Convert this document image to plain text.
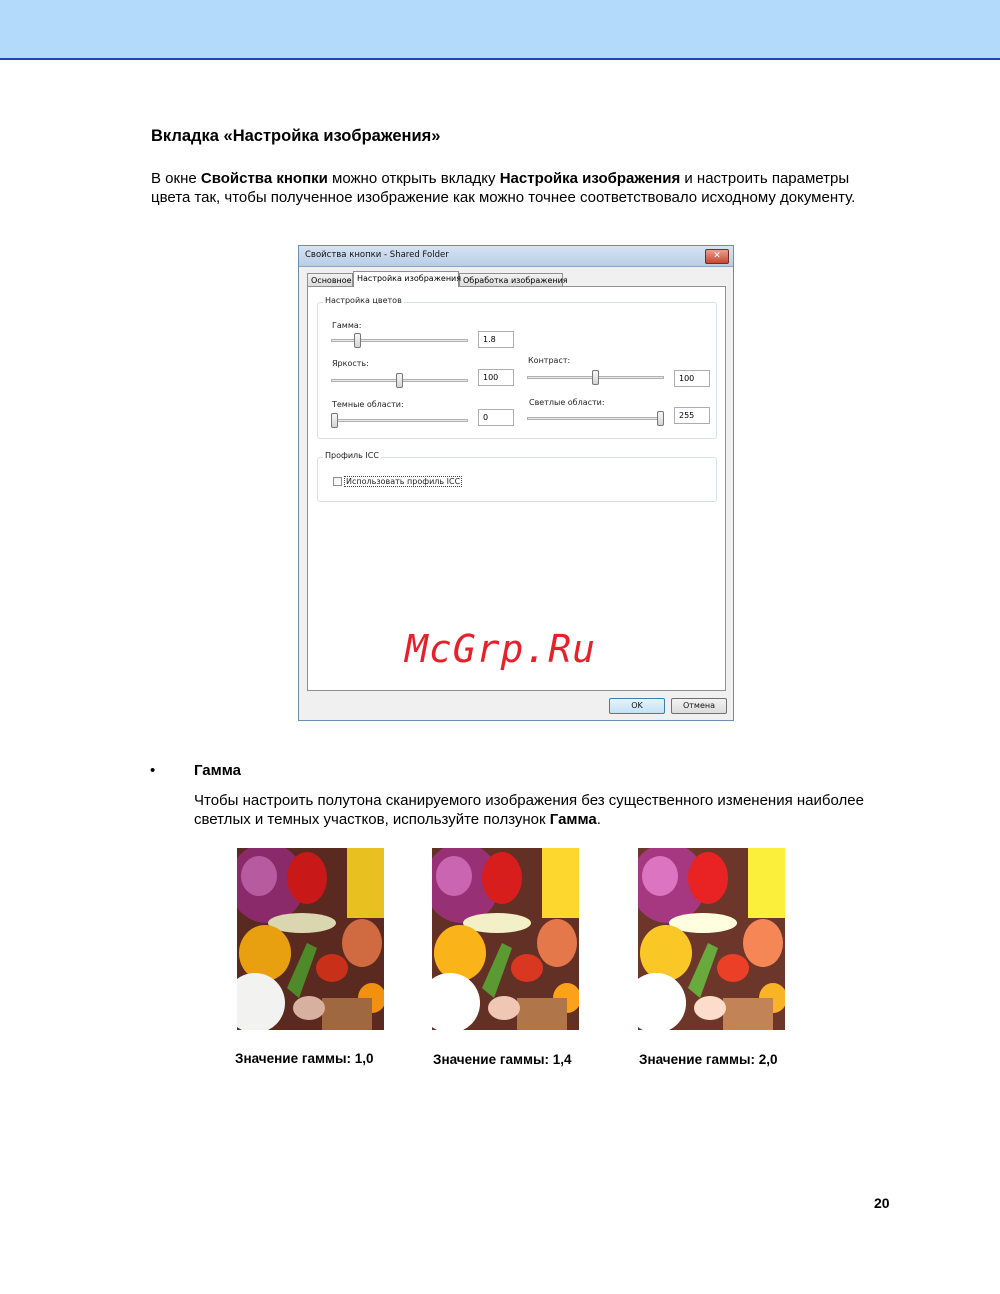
Вкладка «Настройка изображения»
В окне Свойства кнопки можно открыть вкладку Настройка изображения и настроить параметры цвета так, чтобы полученное изображение как можно точнее соответствовало исходному документу.
Свойства кнопки - Shared Folder	✕
Основное Настройка изображения Обработка изображения
Настройка цветов
Гамма:
1.8
Яркость:
100
Контраст:
100
Темные области:
0
Светлые области:
255
Профиль ICC
Использовать профиль ICC
OK	Отмена
McGrp.Ru
•	Гамма
Чтобы настроить полутона сканируемого изображения без существенного изменения наиболее светлых и темных участков, используйте ползунок Гамма.
Значение гаммы: 1,0	Значение гаммы: 1,4	Значение гаммы: 2,0
20
